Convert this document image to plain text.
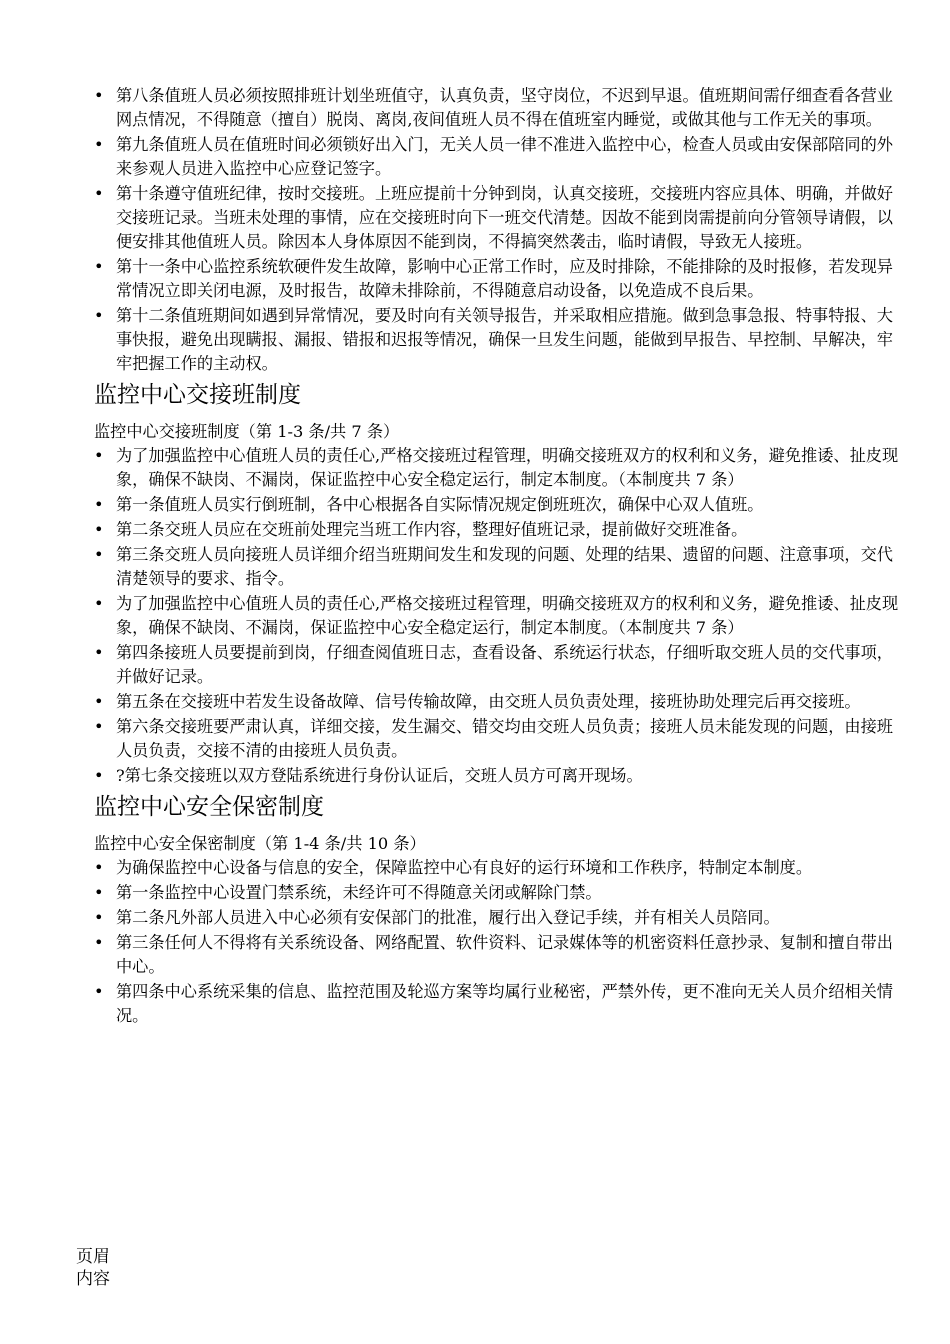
• 第八条值班人员必须按照排班计划坐班值守，认真负责，坚守岗位，不迟到早退。值班期间需仔细查看各营业网点情况，不得随意（擅自）脱岗、离岗,夜间值班人员不得在值班室内睡觉，或做其他与工作无关的事项。
• 第九条值班人员在值班时间必须锁好出入门，无关人员一律不准进入监控中心，检查人员或由安保部陪同的外来参观人员进入监控中心应登记签字。
• 第十条遵守值班纪律，按时交接班。上班应提前十分钟到岗，认真交接班，交接班内容应具体、明确，并做好交接班记录。当班未处理的事情，应在交接班时向下一班交代清楚。因故不能到岗需提前向分管领导请假，以便安排其他值班人员。除因本人身体原因不能到岗，不得搞突然袭击，临时请假，导致无人接班。
• 第十一条中心监控系统软硬件发生故障，影响中心正常工作时，应及时排除，不能排除的及时报修，若发现异常情况立即关闭电源，及时报告，故障未排除前，不得随意启动设备，以免造成不良后果。
• 第十二条值班期间如遇到异常情况，要及时向有关领导报告，并采取相应措施。做到急事急报、特事特报、大事快报，避免出现瞒报、漏报、错报和迟报等情况，确保一旦发生问题，能做到早报告、早控制、早解决，牢牢把握工作的主动权。
监控中心交接班制度
监控中心交接班制度（第 1-3 条/共 7 条）
• 为了加强监控中心值班人员的责任心,严格交接班过程管理，明确交接班双方的权利和义务，避免推诿、扯皮现象，确保不缺岗、不漏岗，保证监控中心安全稳定运行，制定本制度。（本制度共 7 条）
• 第一条值班人员实行倒班制，各中心根据各自实际情况规定倒班班次，确保中心双人值班。
• 第二条交班人员应在交班前处理完当班工作内容，整理好值班记录，提前做好交班准备。
• 第三条交班人员向接班人员详细介绍当班期间发生和发现的问题、处理的结果、遗留的问题、注意事项，交代清楚领导的要求、指令。
• 为了加强监控中心值班人员的责任心,严格交接班过程管理，明确交接班双方的权利和义务，避免推诿、扯皮现象，确保不缺岗、不漏岗，保证监控中心安全稳定运行，制定本制度。（本制度共 7 条）
• 第四条接班人员要提前到岗，仔细查阅值班日志，查看设备、系统运行状态，仔细听取交班人员的交代事项，并做好记录。
• 第五条在交接班中若发生设备故障、信号传输故障，由交班人员负责处理，接班协助处理完后再交接班。
• 第六条交接班要严肃认真，详细交接，发生漏交、错交均由交班人员负责；接班人员未能发现的问题，由接班人员负责，交接不清的由接班人员负责。
• ?第七条交接班以双方登陆系统进行身份认证后，交班人员方可离开现场。
监控中心安全保密制度
监控中心安全保密制度（第 1-4 条/共 10 条）
• 为确保监控中心设备与信息的安全，保障监控中心有良好的运行环境和工作秩序，特制定本制度。
• 第一条监控中心设置门禁系统，未经许可不得随意关闭或解除门禁。
• 第二条凡外部人员进入中心必须有安保部门的批准，履行出入登记手续，并有相关人员陪同。
• 第三条任何人不得将有关系统设备、网络配置、软件资料、记录媒体等的机密资料任意抄录、复制和擅自带出中心。
• 第四条中心系统采集的信息、监控范围及轮巡方案等均属行业秘密，严禁外传，更不准向无关人员介绍相关情况。
页眉
内容
